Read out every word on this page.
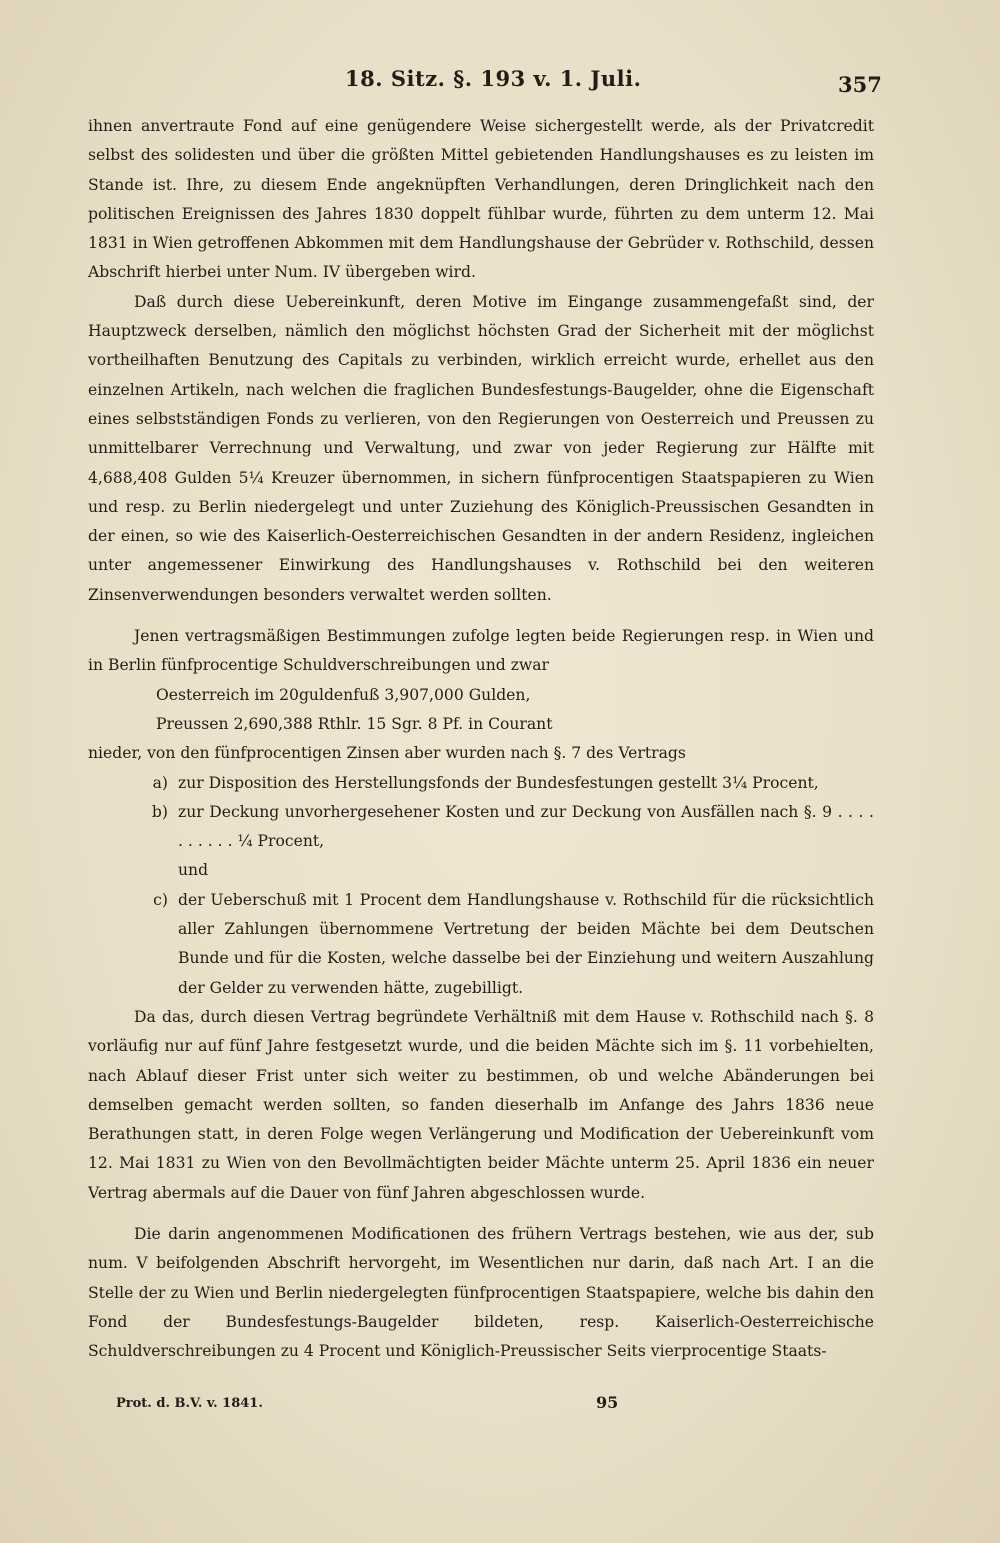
18. Sitz. §. 193 v. 1. Juli.	357

ihnen anvertraute Fond auf eine genügendere Weise sichergestellt werde, als der Privatcredit selbst des solidesten und über die größten Mittel gebietenden Handlungshauses es zu leisten im Stande ist. Ihre, zu diesem Ende angeknüpften Verhandlungen, deren Dringlichkeit nach den politischen Ereignissen des Jahres 1830 doppelt fühlbar wurde, führten zu dem unterm 12. Mai 1831 in Wien getroffenen Abkommen mit dem Handlungshause der Gebrüder v. Rothschild, dessen Abschrift hierbei unter Num. IV übergeben wird.

Daß durch diese Uebereinkunft, deren Motive im Eingange zusammengefaßt sind, der Hauptzweck derselben, nämlich den möglichst höchsten Grad der Sicherheit mit der möglichst vortheilhaften Benutzung des Capitals zu verbinden, wirklich erreicht wurde, erhellet aus den einzelnen Artikeln, nach welchen die fraglichen Bundesfestungs-Baugelder, ohne die Eigenschaft eines selbstständigen Fonds zu verlieren, von den Regierungen von Oesterreich und Preussen zu unmittelbarer Verrechnung und Verwaltung, und zwar von jeder Regierung zur Hälfte mit 4,688,408 Gulden 5¼ Kreuzer übernommen, in sichern fünfprocentigen Staatspapieren zu Wien und resp. zu Berlin niedergelegt und unter Zuziehung des Königlich-Preussischen Gesandten in der einen, so wie des Kaiserlich-Oesterreichischen Gesandten in der andern Residenz, ingleichen unter angemessener Einwirkung des Handlungshauses v. Rothschild bei den weiteren Zinsenverwendungen besonders verwaltet werden sollten.

Jenen vertragsmäßigen Bestimmungen zufolge legten beide Regierungen resp. in Wien und in Berlin fünfprocentige Schuldverschreibungen und zwar

Oesterreich im 20guldenfuß 3,907,000 Gulden,
Preussen 2,690,388 Rthlr. 15 Sgr. 8 Pf. in Courant
nieder, von den fünfprocentigen Zinsen aber wurden nach §. 7 des Vertrags
a) zur Disposition des Herstellungsfonds der Bundesfestungen gestellt 3¼ Procent,
b) zur Deckung unvorhergesehener Kosten und zur Deckung von Ausfällen nach §. 9 . . . . . . . . . . ¼ Procent,
und
c) der Ueberschuß mit 1 Procent dem Handlungshause v. Rothschild für die rücksichtlich aller Zahlungen übernommene Vertretung der beiden Mächte bei dem Deutschen Bunde und für die Kosten, welche dasselbe bei der Einziehung und weitern Auszahlung der Gelder zu verwenden hätte, zugebilligt.

Da das, durch diesen Vertrag begründete Verhältniß mit dem Hause v. Rothschild nach §. 8 vorläufig nur auf fünf Jahre festgesetzt wurde, und die beiden Mächte sich im §. 11 vorbehielten, nach Ablauf dieser Frist unter sich weiter zu bestimmen, ob und welche Abänderungen bei demselben gemacht werden sollten, so fanden dieserhalb im Anfange des Jahrs 1836 neue Berathungen statt, in deren Folge wegen Verlängerung und Modification der Uebereinkunft vom 12. Mai 1831 zu Wien von den Bevollmächtigten beider Mächte unterm 25. April 1836 ein neuer Vertrag abermals auf die Dauer von fünf Jahren abgeschlossen wurde.

Die darin angenommenen Modificationen des frühern Vertrags bestehen, wie aus der, sub num. V beifolgenden Abschrift hervorgeht, im Wesentlichen nur darin, daß nach Art. I an die Stelle der zu Wien und Berlin niedergelegten fünfprocentigen Staatspapiere, welche bis dahin den Fond der Bundesfestungs-Baugelder bildeten, resp. Kaiserlich-Oesterreichische Schuldverschreibungen zu 4 Procent und Königlich-Preussischer Seits vierprocentige Staats-

Prot. d. B.V. v. 1841.	95
